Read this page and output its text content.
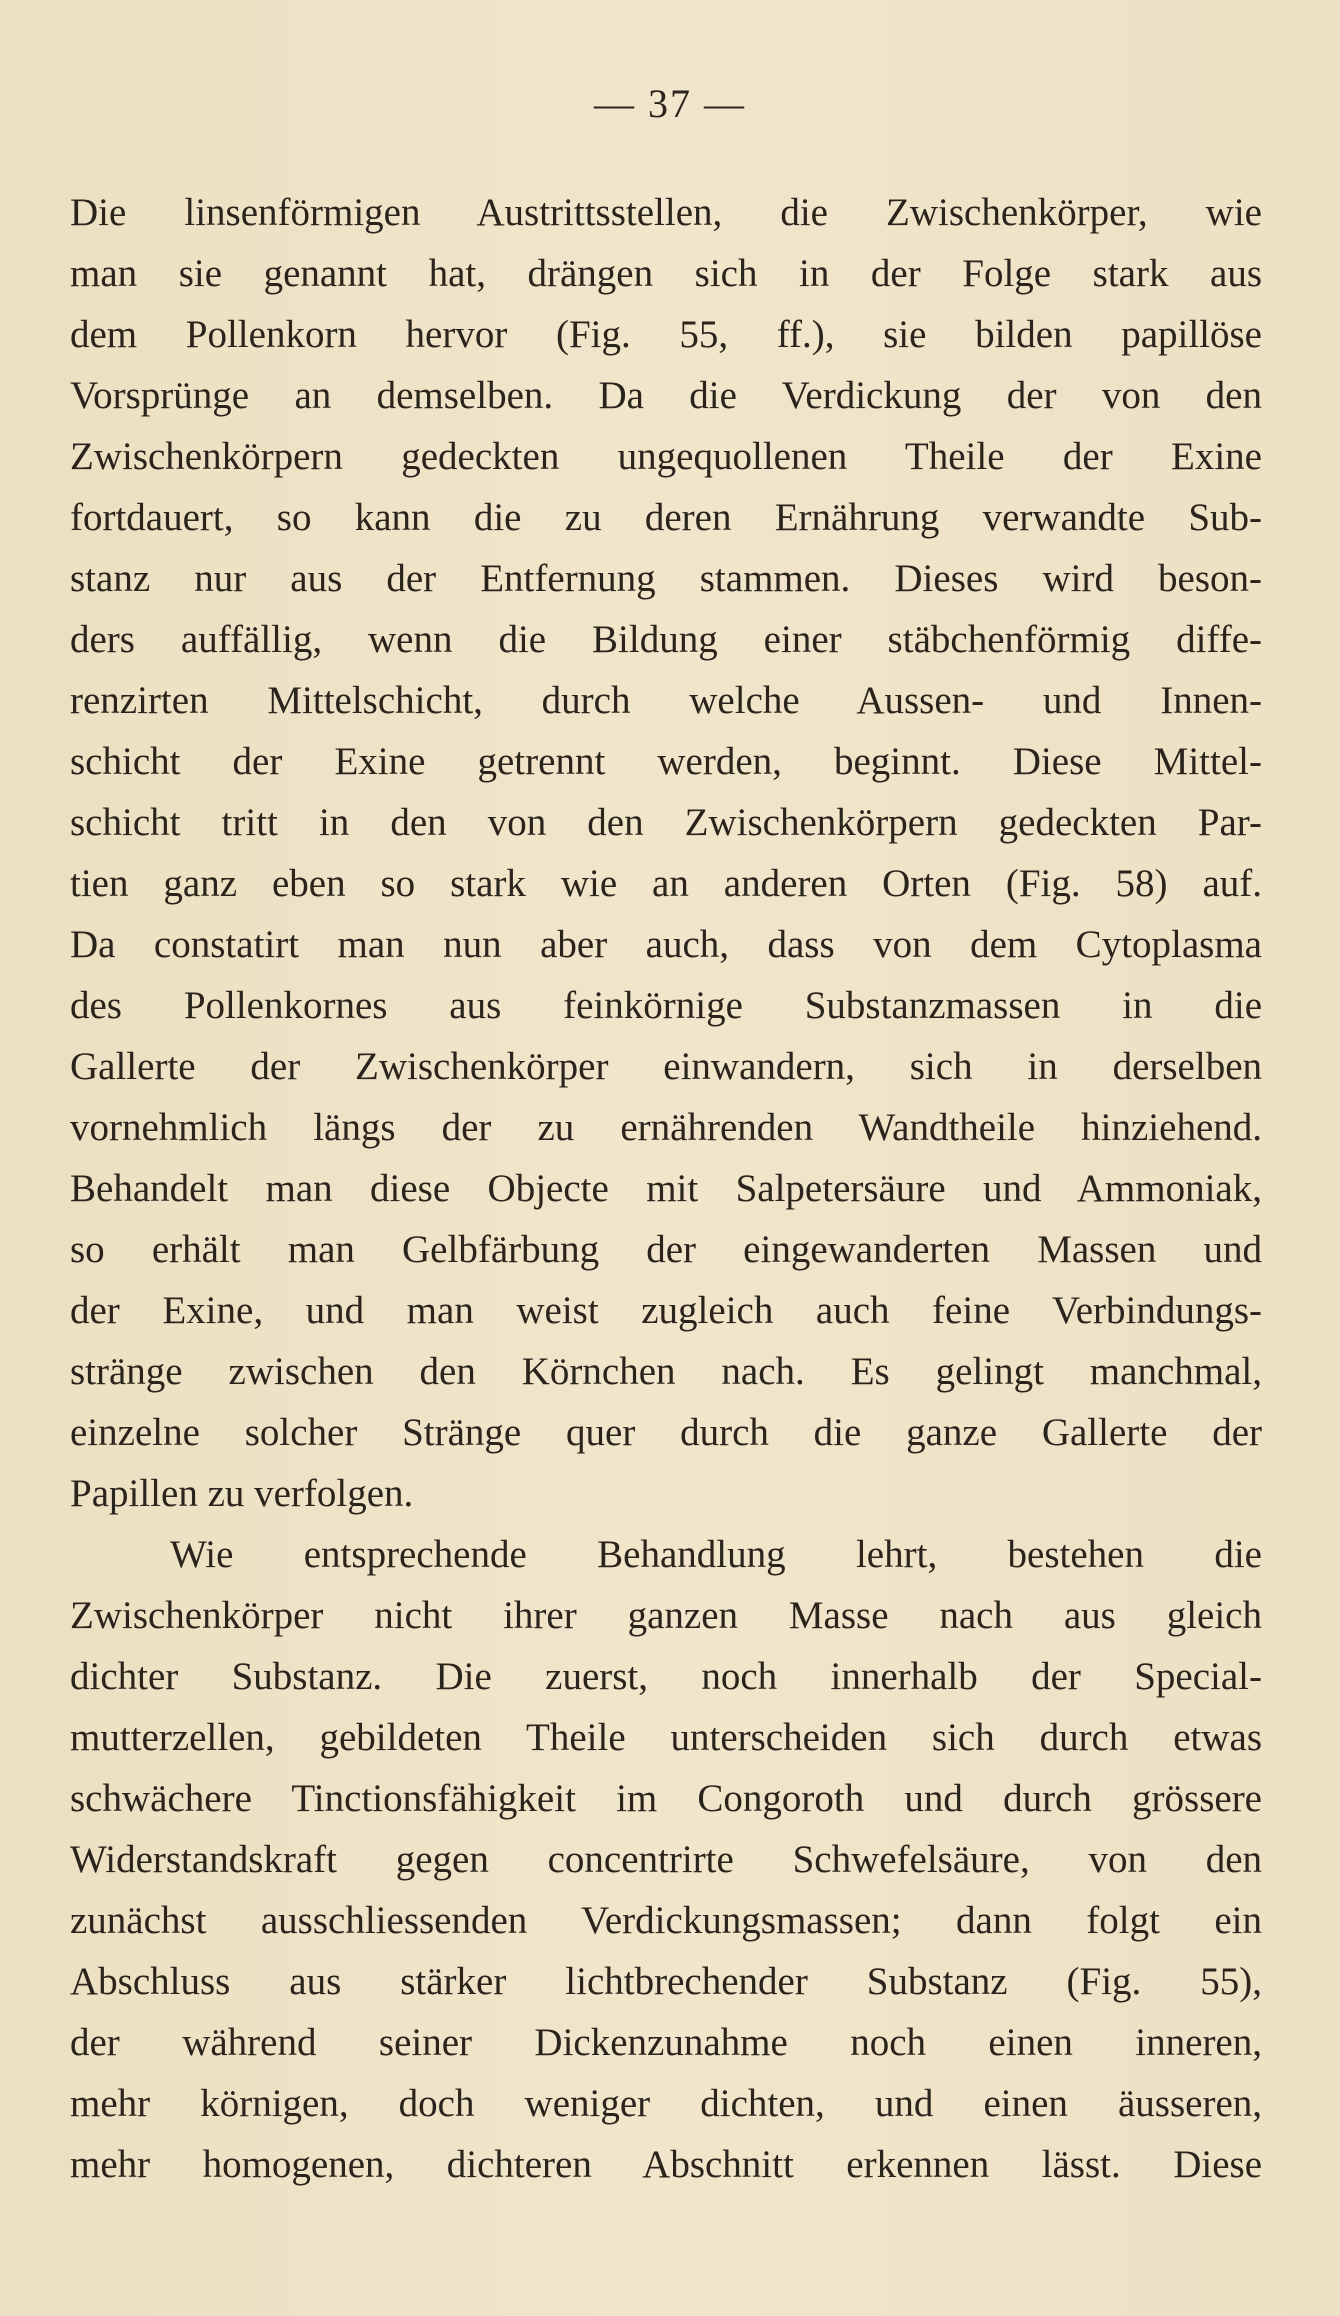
— 37 —
Die linsenförmigen Austrittsstellen, die Zwischenkörper, wie
man sie genannt hat, drängen sich in der Folge stark aus
dem Pollenkorn hervor (Fig. 55, ff.), sie bilden papillöse
Vorsprünge an demselben. Da die Verdickung der von den
Zwischenkörpern gedeckten ungequollenen Theile der Exine
fortdauert, so kann die zu deren Ernährung verwandte Sub-
stanz nur aus der Entfernung stammen. Dieses wird beson-
ders auffällig, wenn die Bildung einer stäbchenförmig diffe-
renzirten Mittelschicht, durch welche Aussen- und Innen-
schicht der Exine getrennt werden, beginnt. Diese Mittel-
schicht tritt in den von den Zwischenkörpern gedeckten Par-
tien ganz eben so stark wie an anderen Orten (Fig. 58) auf.
Da constatirt man nun aber auch, dass von dem Cytoplasma
des Pollenkornes aus feinkörnige Substanzmassen in die
Gallerte der Zwischenkörper einwandern, sich in derselben
vornehmlich längs der zu ernährenden Wandtheile hinziehend.
Behandelt man diese Objecte mit Salpetersäure und Ammoniak,
so erhält man Gelbfärbung der eingewanderten Massen und
der Exine, und man weist zugleich auch feine Verbindungs-
stränge zwischen den Körnchen nach. Es gelingt manchmal,
einzelne solcher Stränge quer durch die ganze Gallerte der
Papillen zu verfolgen.
Wie entsprechende Behandlung lehrt, bestehen die
Zwischenkörper nicht ihrer ganzen Masse nach aus gleich
dichter Substanz. Die zuerst, noch innerhalb der Special-
mutterzellen, gebildeten Theile unterscheiden sich durch etwas
schwächere Tinctionsfähigkeit im Congoroth und durch grössere
Widerstandskraft gegen concentrirte Schwefelsäure, von den
zunächst ausschliessenden Verdickungsmassen; dann folgt ein
Abschluss aus stärker lichtbrechender Substanz (Fig. 55),
der während seiner Dickenzunahme noch einen inneren,
mehr körnigen, doch weniger dichten, und einen äusseren,
mehr homogenen, dichteren Abschnitt erkennen lässt. Diese
